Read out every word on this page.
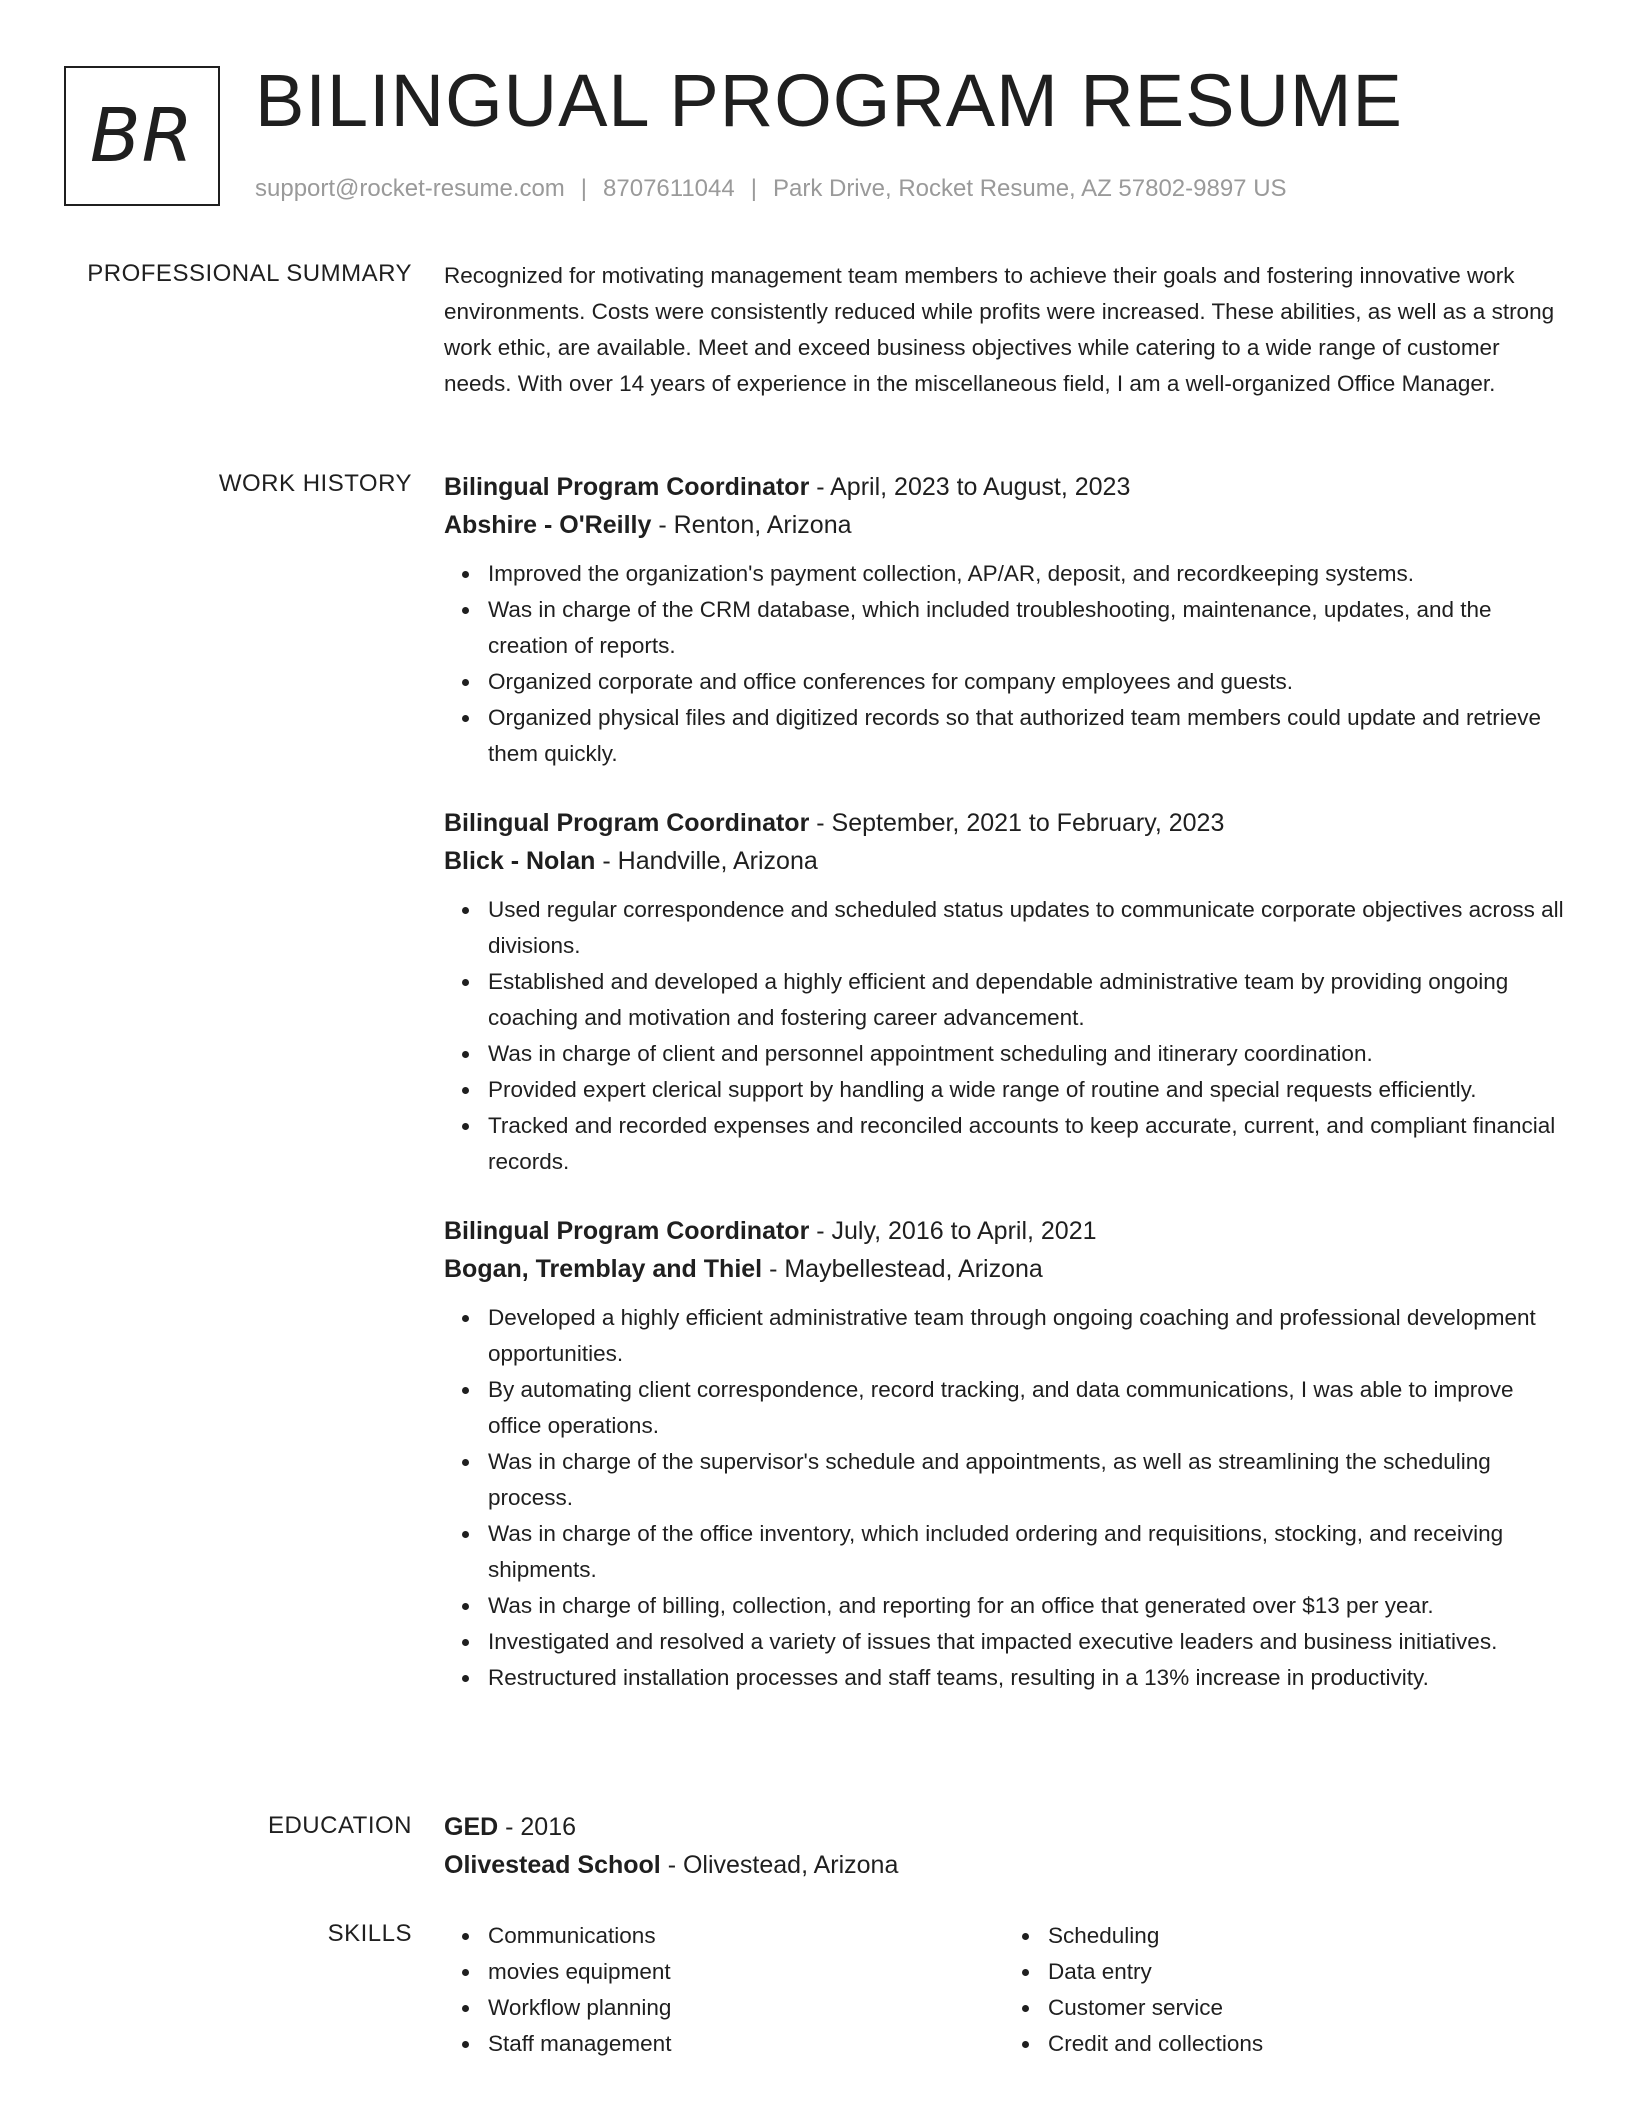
BR BILINGUAL PROGRAM RESUME
support@rocket-resume.com | 8707611044 | Park Drive, Rocket Resume, AZ 57802-9897 US
PROFESSIONAL SUMMARY Recognized for motivating management team members to achieve their goals and fostering innovative work environments. Costs were consistently reduced while profits were increased. These abilities, as well as a strong work ethic, are available. Meet and exceed business objectives while catering to a wide range of customer needs. With over 14 years of experience in the miscellaneous field, I am a well-organized Office Manager.

WORK HISTORY Bilingual Program Coordinator - April, 2023 to August, 2023
Abshire - O'Reilly - Renton, Arizona
Improved the organization's payment collection, AP/AR, deposit, and recordkeeping systems.
Was in charge of the CRM database, which included troubleshooting, maintenance, updates, and the creation of reports.
Organized corporate and office conferences for company employees and guests.
Organized physical files and digitized records so that authorized team members could update and retrieve them quickly.
Bilingual Program Coordinator - September, 2021 to February, 2023
Blick - Nolan - Handville, Arizona
Used regular correspondence and scheduled status updates to communicate corporate objectives across all divisions.
Established and developed a highly efficient and dependable administrative team by providing ongoing coaching and motivation and fostering career advancement.
Was in charge of client and personnel appointment scheduling and itinerary coordination.
Provided expert clerical support by handling a wide range of routine and special requests efficiently.
Tracked and recorded expenses and reconciled accounts to keep accurate, current, and compliant financial records.
Bilingual Program Coordinator - July, 2016 to April, 2021
Bogan, Tremblay and Thiel - Maybellestead, Arizona
Developed a highly efficient administrative team through ongoing coaching and professional development opportunities.
By automating client correspondence, record tracking, and data communications, I was able to improve office operations.
Was in charge of the supervisor's schedule and appointments, as well as streamlining the scheduling process.
Was in charge of the office inventory, which included ordering and requisitions, stocking, and receiving shipments.
Was in charge of billing, collection, and reporting for an office that generated over $13 per year.
Investigated and resolved a variety of issues that impacted executive leaders and business initiatives.
Restructured installation processes and staff teams, resulting in a 13% increase in productivity.
EDUCATION GED - 2016
Olivestead School - Olivestead, Arizona
SKILLS	Communications
movies equipment
Workflow planning
Staff management
Scheduling
Data entry
Customer service
Credit and collections
